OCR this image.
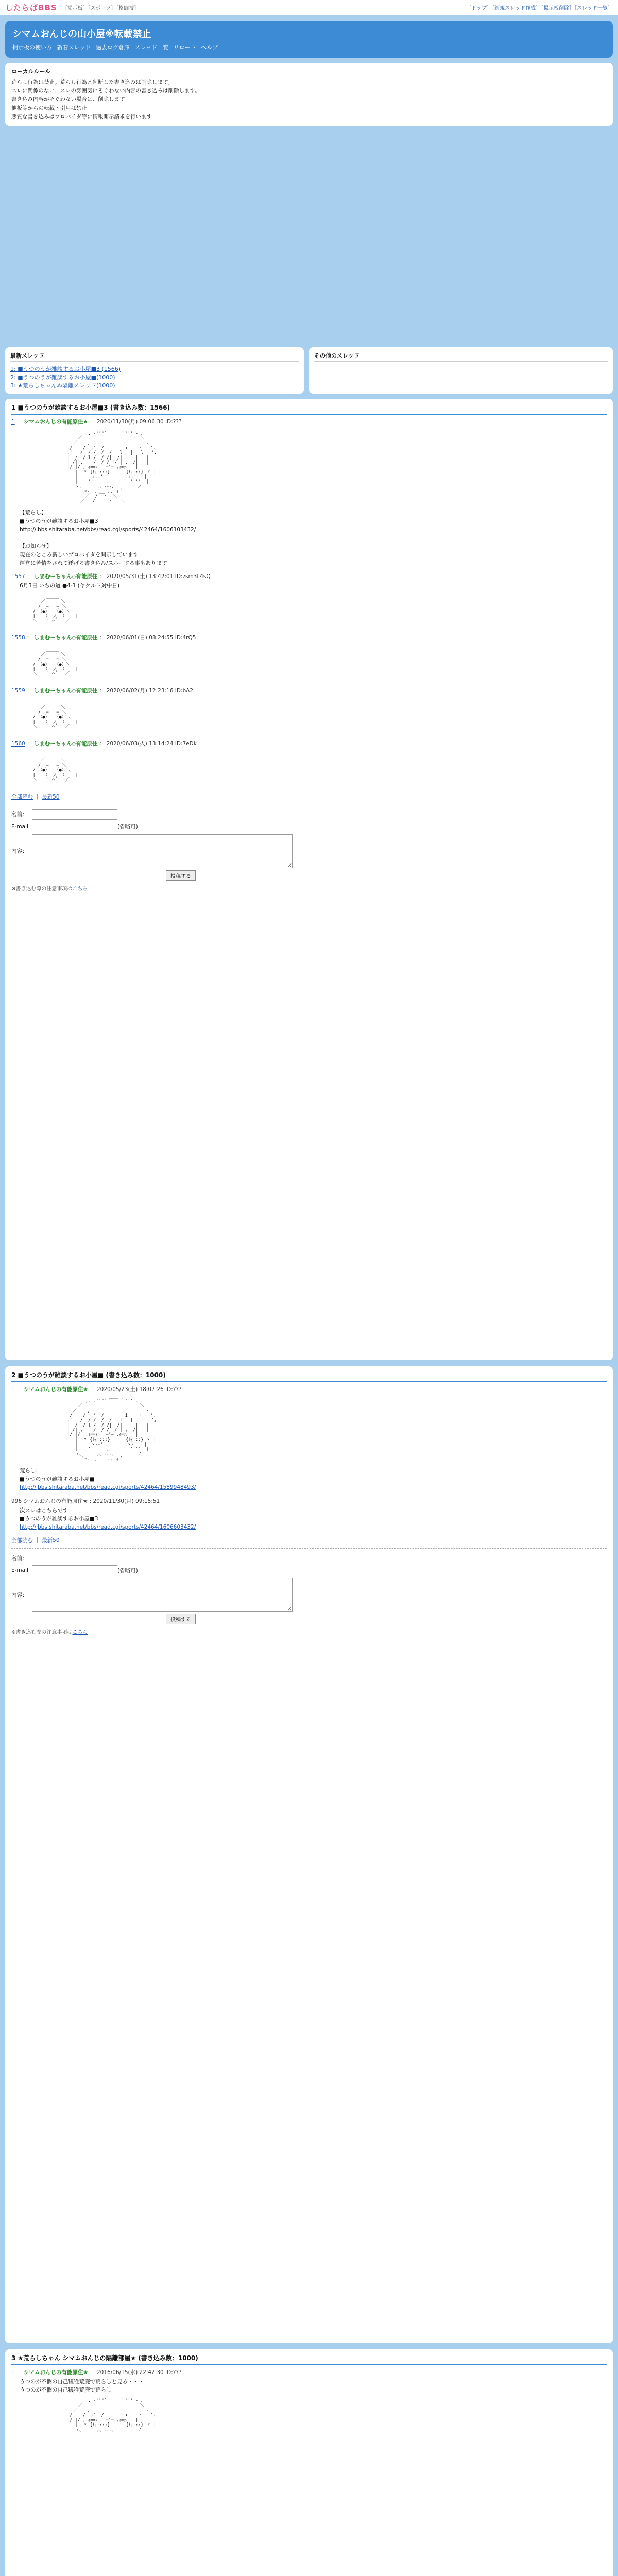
したらばBBS ［掲示板］［スポーツ］［格闘技］	［トップ］［新規スレッド作成］［掲示板削除］［スレッド一覧］
シマムおんじの山小屋※転載禁止
掲示板の使い方 新着スレッド 過去ログ倉庫 スレッド一覧 リロード ヘルプ
ローカルルール
荒らし行為は禁止。荒らし行為と判断した書き込みは削除します。
スレに関係のない、スレの雰囲気にそぐわない内容の書き込みは削除します。
書き込み内容がそぐわない場合は、削除します
他板等からの転載・引用は禁止
悪質な書き込みはプロバイダ等に情報開示請求を行います
最新スレッド
1: ■うつのうが雑談するお小屋■3 (1566)
2: ■うつのうが雑談するお小屋■(1000)
3: ★荒らしちゃんぬ隔離スレッド(1000)
その他のスレッド
1 ■うつのうが雑談するお小屋■3 (書き込み数：1566)
1 ： シマムおんじの有能原住★ ： 2020/11/30(月) 09:06:30 ID:???

,. ‐''"´ ￣￣ ｀"'' ‐ ､
／                      ＼
／    ,                     ヽ
/    /  ,'  /        i    ヽ   ',
,'   /  / /  /  /   l   |   l   ',
|  /  / l /  / /|  /|  |  |   |
| /| ,'  |/  / / |/ | ,' /|   |
|/ |/ ,.ｨ==ｧ'  ─'─ ,ｨ=ｧ、  |
|  〃 {ﾄｨ::::}      {ﾄｨ:::} ヾ |
|     ゝ-‐'         ゝ-'   |
|  ''''     ,        ''''  |
ゝ、     ,、-‐-、        ノ
｀ｰ-  ､.__ .. ィ´
／  /  ヽ  ＼
／   /     ヽ   ＼

【荒らし】
■うつのうが雑談するお小屋■3
http://jbbs.shitaraba.net/bbs/read.cgi/sports/42464/1606103432/

【お知らせ】
現在のところ新しいプロバイダを開示しています
運営に苦情をされて遂げる書き込み/スルーする事もあります
1557 ： しまむーちゃん◇有能原住 ： 2020/05/31(土) 13:42:01 ID:zsm3L4sQ
6月3日 いちの道 ●4-1 (ヤクルト対中日)

＿＿＿
／      ＼
/  ─   ─ ＼
/ （●）  （●）＼
|   （__人__）   |
＼   ｀ ⌒´   ／

1558 ： しまむーちゃん◇有能原住 ： 2020/06/01(日) 08:24:55 ID:4rQ5

＿＿＿
／      ＼
/  ─   ─ ＼
/ （●）  （●）＼
|   （__人__）   |
＼   ｀ ⌒´   ／

1559 ： しまむーちゃん◇有能原住 ： 2020/06/02(月) 12:23:16 ID:bA2

＿＿＿
／      ＼
/  ─   ─ ＼
/ （●）  （●）＼
|   （__人__）   |
＼   ｀ ⌒´   ／

1560 ： しまむーちゃん◇有能原住 ： 2020/06/03(火) 13:14:24 ID:7eDk

＿＿＿
／      ＼
/  ─   ─ ＼
/ （●）  （●）＼
|   （__人__）   |
＼   ｀ ⌒´   ／

全部読む ｜ 最新50
名前：
E-mail	(省略可)
内容：
投稿する
※書き込む際の注意事項はこちら
2 ■うつのうが雑談するお小屋■ (書き込み数：1000)
1 ： シマムおんじの有能原住★ ： 2020/05/23(土) 18:07:26 ID:???

,. ‐''"´ ￣￣ ｀"'' ‐ ､
／                      ＼
／    ,                     ヽ
/    /  ,'  /        i    ヽ   ',
,'   /  / /  /  /   l   |   l   ',
|  /  / l /  / /|  /|  |  |   |
| /| ,'  |/  / / |/ | ,' /|   |
|/ |/ ,.ｨ==ｧ'  ─'─ ,ｨ=ｧ、  |
|  〃 {ﾄｨ::::}      {ﾄｨ:::} ヾ |
|     ゝ-‐'         ゝ-'   |
|  ''''     ,        ''''  |
ゝ、     ,、-‐-、        ノ
｀ｰ-  ､.__ .. ィ´

荒らし:
■うつのうが雑談するお小屋■
http://jbbs.shitaraba.net/bbs/read.cgi/sports/42464/1589948493/
996 シマムおんじの有能原住★ : 2020/11/30(月) 09:15:51
次スレはこちらです
■うつのうが雑談するお小屋■3
http://jbbs.shitaraba.net/bbs/read.cgi/sports/42464/1606603432/
全部読む ｜ 最新50
名前：
E-mail	(省略可)
内容：
投稿する
※書き込む際の注意事項はこちら
3 ★荒らしちゃん シマムおんじの隔離部屋★ (書き込み数：1000)
1 ： シマムおんじの有能原住★ ： 2016/06/15(水) 22:42:30 ID:???
うつのが不憫の自己犠牲荒廃で荒らしと見る・・・
うつのが不憫の自己犠牲荒廃で荒らし

,. ‐''"´ ￣￣ ｀"'' ‐ ､
／                      ＼
／    ,                     ヽ
/    /  ,'  /        i    ヽ   ',
|/ |/ ,.ｨ==ｧ'  ─'─ ,ｨ=ｧ、  |
|  〃 {ﾄｨ::::}      {ﾄｨ:::} ヾ |
ゝ、     ,、-‐-、        ノ
